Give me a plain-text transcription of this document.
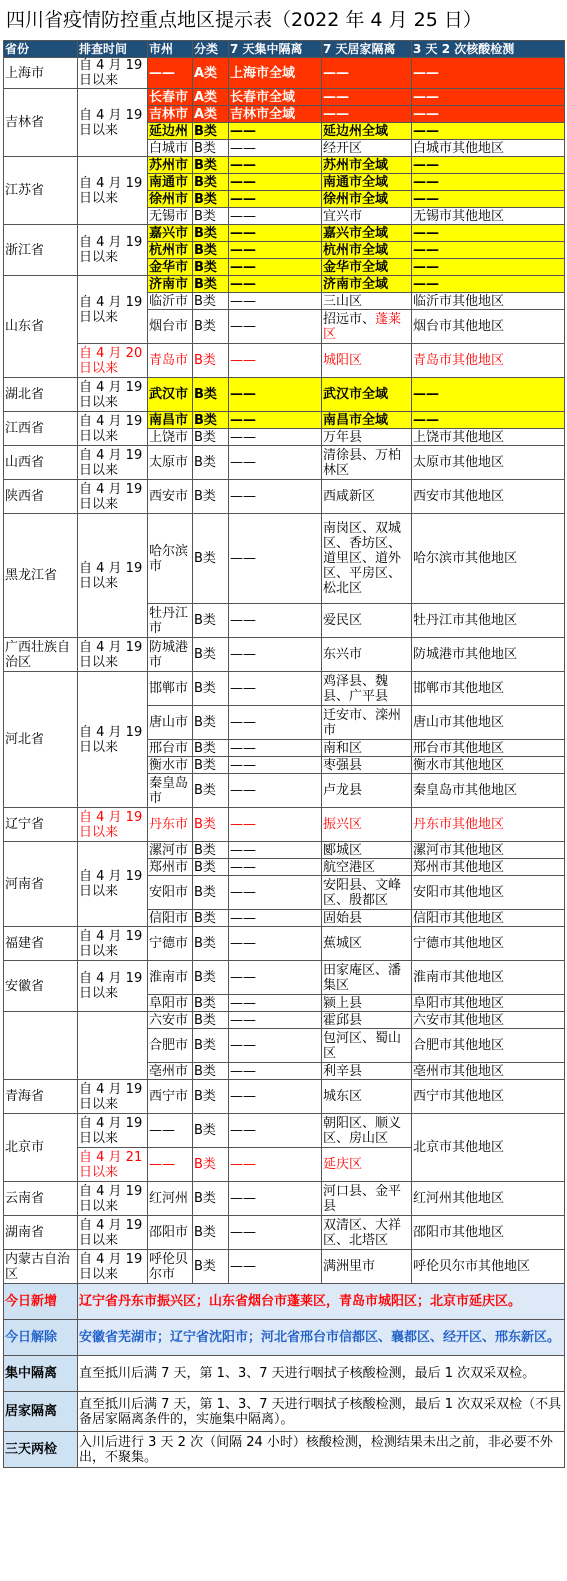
四川省疫情防控重点地区提示表（2022 年 4 月 25 日）
省份	排查时间	市州	分类	7 天集中隔离	7 天居家隔离	3 天 2 次核酸检测
上海市	自 4 月 19 日以来	——	A类	上海市全域	——	——
吉林省	自 4 月 19 日以来	长春市	A类	长春市全域	——	——
		吉林市	A类	吉林市全域	——	——
		延边州	B类	——	延边州全域	——
		白城市	B类	——	经开区	白城市其他地区
江苏省	自 4 月 19 日以来	苏州市	B类	——	苏州市全域	——
		南通市	B类	——	南通市全域	——
		徐州市	B类	——	徐州市全域	——
		无锡市	B类	——	宜兴市	无锡市其他地区
浙江省	自 4 月 19 日以来	嘉兴市	B类	——	嘉兴市全域	——
		杭州市	B类	——	杭州市全域	——
		金华市	B类	——	金华市全域	——
山东省	自 4 月 19 日以来	济南市	B类	——	济南市全域	——
		临沂市	B类	——	三山区	临沂市其他地区
		烟台市	B类	——	招远市、蓬莱区	烟台市其他地区
	自 4 月 20 日以来	青岛市	B类	——	城阳区	青岛市其他地区
湖北省	自 4 月 19 日以来	武汉市	B类	——	武汉市全域	——
江西省	自 4 月 19 日以来	南昌市	B类	——	南昌市全域	——
		上饶市	B类	——	万年县	上饶市其他地区
山西省	自 4 月 19 日以来	太原市	B类	——	清徐县、万柏林区	太原市其他地区
陕西省	自 4 月 19 日以来	西安市	B类	——	西咸新区	西安市其他地区
黑龙江省	自 4 月 19 日以来	哈尔滨市	B类	——	南岗区、双城区、香坊区、道里区、道外区、平房区、松北区	哈尔滨市其他地区
		牡丹江市	B类	——	爱民区	牡丹江市其他地区
广西壮族自治区	自 4 月 19 日以来	防城港市	B类	——	东兴市	防城港市其他地区
河北省	自 4 月 19 日以来	邯郸市	B类	——	鸡泽县、魏县、广平县	邯郸市其他地区
		唐山市	B类	——	迁安市、滦州市	唐山市其他地区
		邢台市	B类	——	南和区	邢台市其他地区
		衡水市	B类	——	枣强县	衡水市其他地区
		秦皇岛市	B类	——	卢龙县	秦皇岛市其他地区
辽宁省	自 4 月 19 日以来	丹东市	B类	——	振兴区	丹东市其他地区
河南省	自 4 月 19 日以来	漯河市	B类	——	郾城区	漯河市其他地区
		郑州市	B类	——	航空港区	郑州市其他地区
		安阳市	B类	——	安阳县、文峰区、殷都区	安阳市其他地区
		信阳市	B类	——	固始县	信阳市其他地区
福建省	自 4 月 19 日以来	宁德市	B类	——	蕉城区	宁德市其他地区
安徽省	自 4 月 19 日以来	淮南市	B类	——	田家庵区、潘集区	淮南市其他地区
		阜阳市	B类	——	颍上县	阜阳市其他地区
		六安市	B类	——	霍邱县	六安市其他地区
		合肥市	B类	——	包河区、蜀山区	合肥市其他地区
		亳州市	B类	——	利辛县	亳州市其他地区
青海省	自 4 月 19 日以来	西宁市	B类	——	城东区	西宁市其他地区
北京市	自 4 月 19 日以来	——	B类	——	朝阳区、顺义区、房山区	北京市其他地区
	自 4 月 21 日以来	——	B类	——	延庆区	
云南省	自 4 月 19 日以来	红河州	B类	——	河口县、金平县	红河州其他地区
湖南省	自 4 月 19 日以来	邵阳市	B类	——	双清区、大祥区、北塔区	邵阳市其他地区
内蒙古自治区	自 4 月 19 日以来	呼伦贝尔市	B类	——	满洲里市	呼伦贝尔市其他地区
今日新增	辽宁省丹东市振兴区；山东省烟台市蓬莱区，青岛市城阳区；北京市延庆区。					
今日解除	安徽省芜湖市；辽宁省沈阳市；河北省邢台市信都区、襄都区、经开区、邢东新区。					
集中隔离	直至抵川后满 7 天，第 1、3、7 天进行咽拭子核酸检测，最后 1 次双采双检。					
居家隔离	直至抵川后满 7 天，第 1、3、7 天进行咽拭子核酸检测，最后 1 次双采双检（不具备居家隔离条件的，实施集中隔离）。					
三天两检	入川后进行 3 天 2 次（间隔 24 小时）核酸检测，检测结果未出之前，非必要不外出，不聚集。					
